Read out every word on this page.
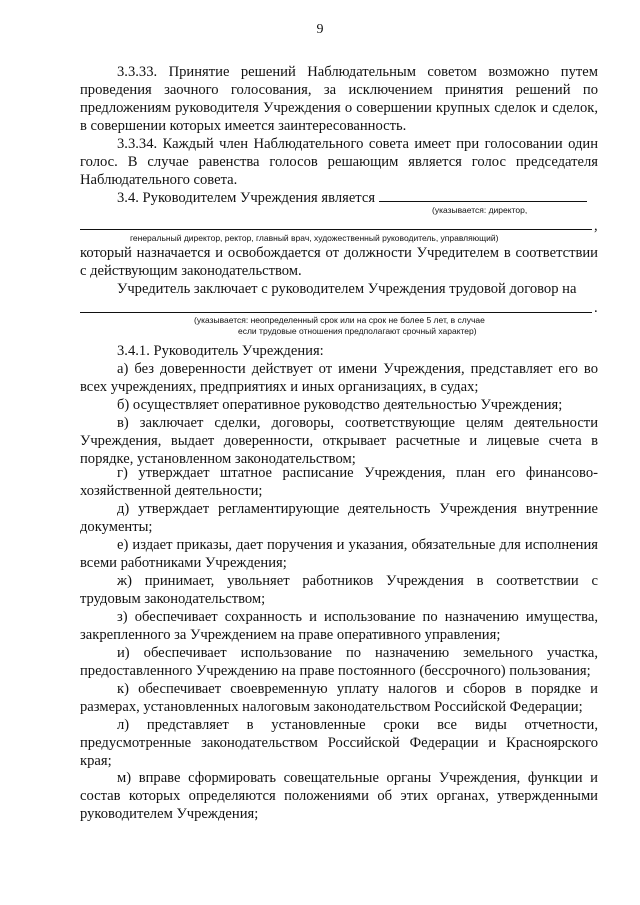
9

3.3.33. Принятие решений Наблюдательным советом возможно путем проведения заочного голосования, за исключением принятия решений по предложениям руководителя Учреждения о совершении крупных сделок и сделок, в совершении которых имеется заинтересованность.

3.3.34. Каждый член Наблюдательного совета имеет при голосовании один голос. В случае равенства голосов решающим является голос председателя Наблюдательного совета.

3.4. Руководителем Учреждения является

(указывается: директор,
,
генеральный директор, ректор, главный врач, художественный руководитель, управляющий)

который назначается и освобождается от должности Учредителем в соответствии с действующим законодательством.

Учредитель заключает с руководителем Учреждения трудовой договор на

.
(указывается: неопределенный срок или на срок не более 5 лет, в случае
если трудовые отношения предполагают срочный характер)

3.4.1. Руководитель Учреждения:

а) без доверенности действует от имени Учреждения, представляет его во всех учреждениях, предприятиях и иных организациях, в судах;

б) осуществляет оперативное руководство деятельностью Учреждения;

в) заключает сделки, договоры, соответствующие целям деятельности Учреждения, выдает доверенности, открывает расчетные и лицевые счета в порядке, установленном законодательством;

г) утверждает штатное расписание Учреждения, план его финансово-хозяйственной деятельности;

д) утверждает регламентирующие деятельность Учреждения внутренние документы;

е) издает приказы, дает поручения и указания, обязательные для исполнения всеми работниками Учреждения;

ж) принимает, увольняет работников Учреждения в соответствии с трудовым законодательством;

з) обеспечивает сохранность и использование по назначению имущества, закрепленного за Учреждением на праве оперативного управления;

и) обеспечивает использование по назначению земельного участка, предоставленного Учреждению на праве постоянного (бессрочного) пользования;

к) обеспечивает своевременную уплату налогов и сборов в порядке и размерах, установленных налоговым законодательством Российской Федерации;

л) представляет в установленные сроки все виды отчетности, предусмотренные законодательством Российской Федерации и Красноярского края;

м) вправе сформировать совещательные органы Учреждения, функции и состав которых определяются положениями об этих органах, утвержденными руководителем Учреждения;
